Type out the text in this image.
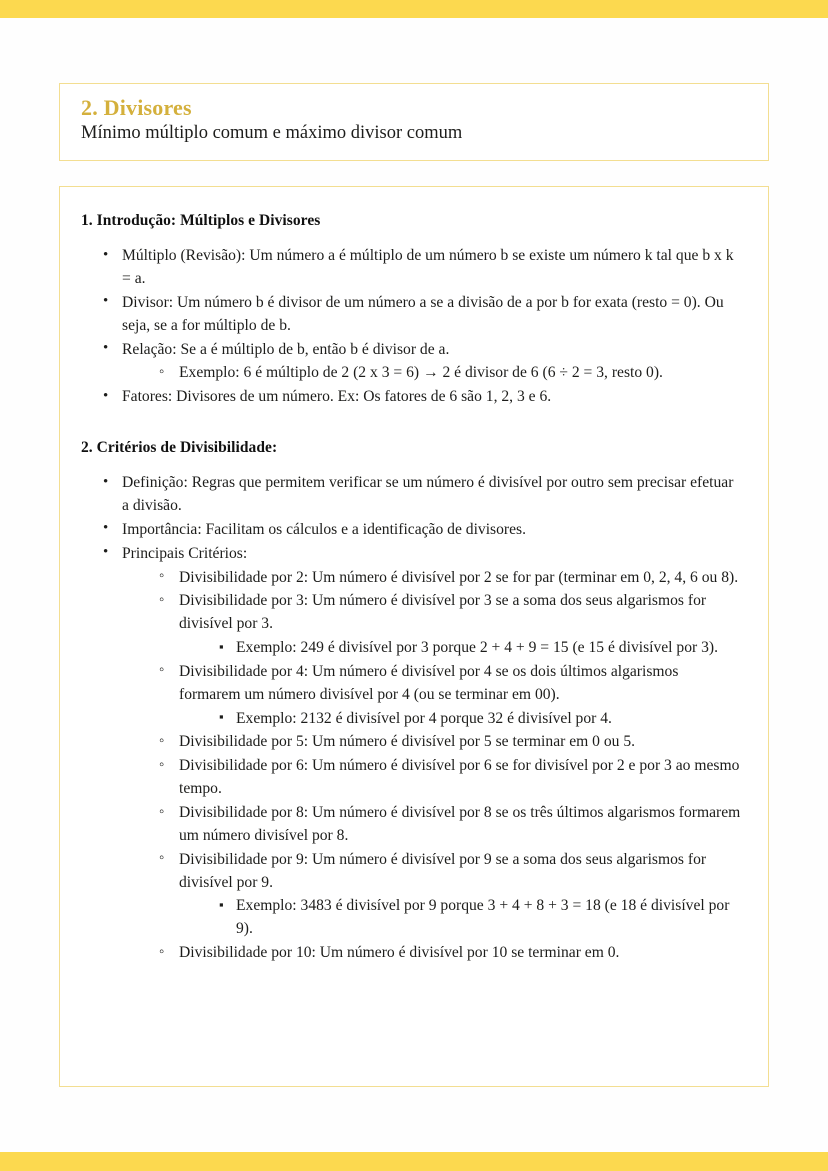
2. Divisores
Mínimo múltiplo comum e máximo divisor comum
1. Introdução: Múltiplos e Divisores
• Múltiplo (Revisão): Um número a é múltiplo de um número b se existe um número k tal que b x k = a.
• Divisor: Um número b é divisor de um número a se a divisão de a por b for exata (resto = 0). Ou seja, se a for múltiplo de b.
• Relação: Se a é múltiplo de b, então b é divisor de a.
◦ Exemplo: 6 é múltiplo de 2 (2 x 3 = 6) → 2 é divisor de 6 (6 ÷ 2 = 3, resto 0).
• Fatores: Divisores de um número. Ex: Os fatores de 6 são 1, 2, 3 e 6.
2. Critérios de Divisibilidade:
• Definição: Regras que permitem verificar se um número é divisível por outro sem precisar efetuar a divisão.
• Importância: Facilitam os cálculos e a identificação de divisores.
• Principais Critérios:
◦ Divisibilidade por 2: Um número é divisível por 2 se for par (terminar em 0, 2, 4, 6 ou 8).
◦ Divisibilidade por 3: Um número é divisível por 3 se a soma dos seus algarismos for divisível por 3.
▪ Exemplo: 249 é divisível por 3 porque 2 + 4 + 9 = 15 (e 15 é divisível por 3).
◦ Divisibilidade por 4: Um número é divisível por 4 se os dois últimos algarismos formarem um número divisível por 4 (ou se terminar em 00).
▪ Exemplo: 2132 é divisível por 4 porque 32 é divisível por 4.
◦ Divisibilidade por 5: Um número é divisível por 5 se terminar em 0 ou 5.
◦ Divisibilidade por 6: Um número é divisível por 6 se for divisível por 2 e por 3 ao mesmo tempo.
◦ Divisibilidade por 8: Um número é divisível por 8 se os três últimos algarismos formarem um número divisível por 8.
◦ Divisibilidade por 9: Um número é divisível por 9 se a soma dos seus algarismos for divisível por 9.
▪ Exemplo: 3483 é divisível por 9 porque 3 + 4 + 8 + 3 = 18 (e 18 é divisível por 9).
◦ Divisibilidade por 10: Um número é divisível por 10 se terminar em 0.
